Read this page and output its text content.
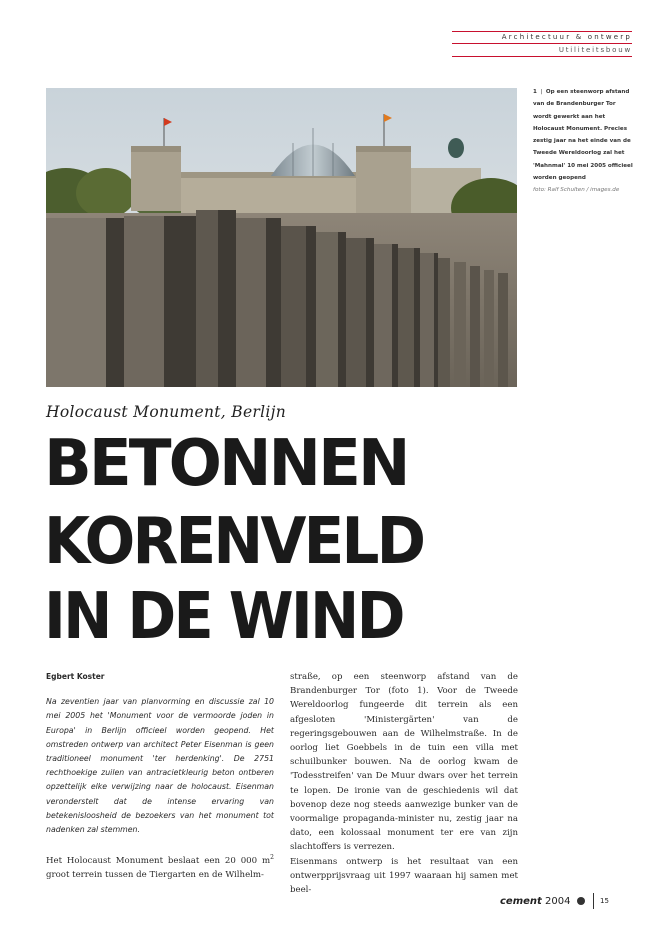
Architectuur & ontwerp
Utiliteitsbouw
1  |  Op een steenworp afstand van de Brandenburger Tor wordt gewerkt aan het Holocaust Monument. Precies zestig jaar na het einde van de Tweede Wereldoorlog zal het 'Mahnmal' 10 mei 2005 officieel worden geopend
foto: Ralf Schulten / images.de
Holocaust Monument, Berlijn
BETONNEN
KORENVELD
IN DE WIND
Egbert Koster

Na zeventien jaar van planvorming en discussie zal 10 mei 2005 het 'Monument voor de vermoorde joden in Europa' in Berlijn officieel worden geopend. Het omstreden ontwerp van architect Peter Eisenman is geen traditioneel monument 'ter herdenking'. De 2751 rechthoekige zuilen van antracietkleurig beton ontberen opzettelijk elke verwijzing naar de holocaust. Eisenman veronderstelt dat de intense ervaring van betekenisloosheid de bezoekers van het monument tot nadenken zal stemmen.

Het Holocaust Monument beslaat een 20 000 $m^2$ groot terrein tussen de Tiergarten en de Wilhelm-

straße, op een steenworp afstand van de Brandenburger Tor (foto 1). Voor de Tweede Wereldoorlog fungeerde dit terrein als een afgesloten 'Ministergärten' van de regeringsgebouwen aan de Wilhelmstraße. In de oorlog liet Goebbels in de tuin een villa met schuilbunker bouwen. Na de oorlog kwam de 'Todesstreifen' van De Muur dwars over het terrein te lopen. De ironie van de geschiedenis wil dat bovenop deze nog steeds aanwezige bunker van de voormalige propaganda-minister nu, zestig jaar na dato, een kolossaal monument ter ere van zijn slachtoffers is verrezen.

Eisenmans ontwerp is het resultaat van een ontwerpprijsvraag uit 1997 waaraan hij samen met beel-

cement 2004	15
